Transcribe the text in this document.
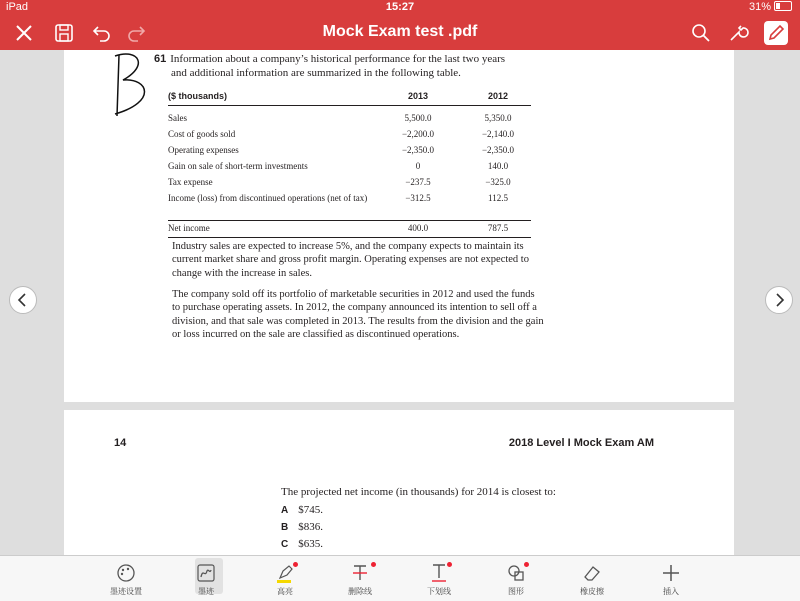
iPad	15:27	31%
Mock Exam test .pdf
61 Information about a company’s historical performance for the last two years
and additional information are summarized in the following table.
($ thousands)	2013	2012
Sales	5,500.0	5,350.0
Cost of goods sold	−2,200.0	−2,140.0
Operating expenses	−2,350.0	−2,350.0
Gain on sale of short-term investments	0	140.0
Tax expense	−237.5	−325.0
Income (loss) from discontinued operations (net of tax)	−312.5	112.5
Net income	400.0	787.5
Industry sales are expected to increase 5%, and the company expects to maintain its current market share and gross profit margin. Operating expenses are not expected to change with the increase in sales.
The company sold off its portfolio of marketable securities in 2012 and used the funds to purchase operating assets. In 2012, the company announced its intention to sell off a division, and that sale was completed in 2013. The results from the division and the gain or loss incurred on the sale are classified as discontinued operations.
14	2018 Level I Mock Exam AM
The projected net income (in thousands) for 2014 is closest to:
A $745.
B $836.
C $635.
墨迹设置	墨迹	高亮	删除线	下划线	图形	橡皮擦	插入
